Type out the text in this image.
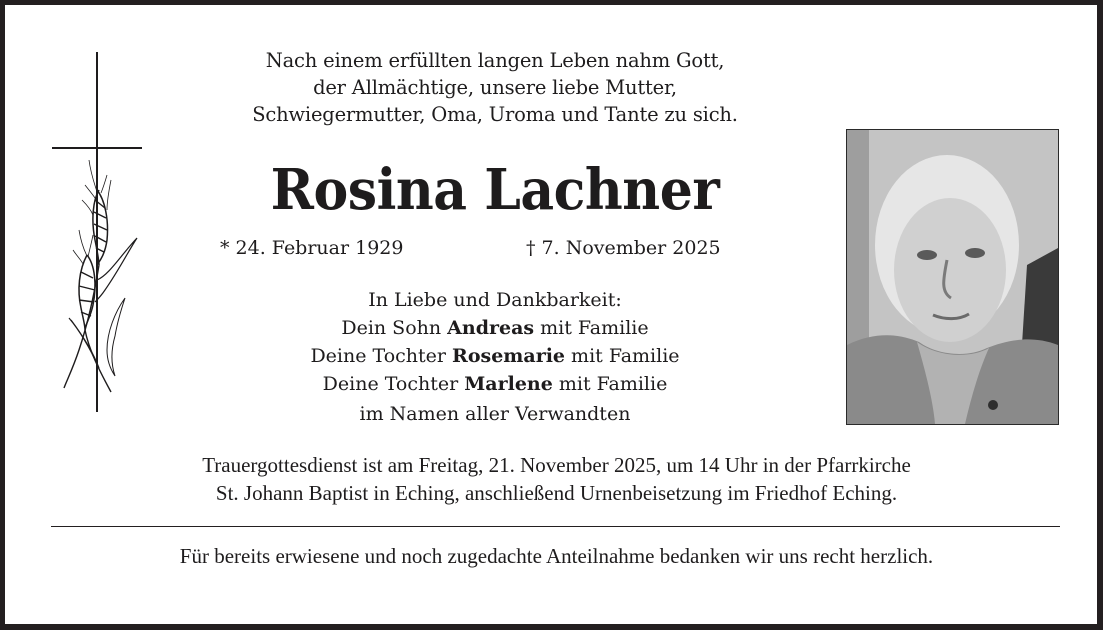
Nach einem erfüllten langen Leben nahm Gott,
der Allmächtige, unsere liebe Mutter,
Schwiegermutter, Oma, Uroma und Tante zu sich.
Rosina Lachner
* 24. Februar 1929	† 7. November 2025
In Liebe und Dankbarkeit:
Dein Sohn Andreas mit Familie
Deine Tochter Rosemarie mit Familie
Deine Tochter Marlene mit Familie
im Namen aller Verwandten
Trauergottesdienst ist am Freitag, 21. November 2025, um 14 Uhr in der Pfarrkirche
St. Johann Baptist in Eching, anschließend Urnenbeisetzung im Friedhof Eching.
Für bereits erwiesene und noch zugedachte Anteilnahme bedanken wir uns recht herzlich.
